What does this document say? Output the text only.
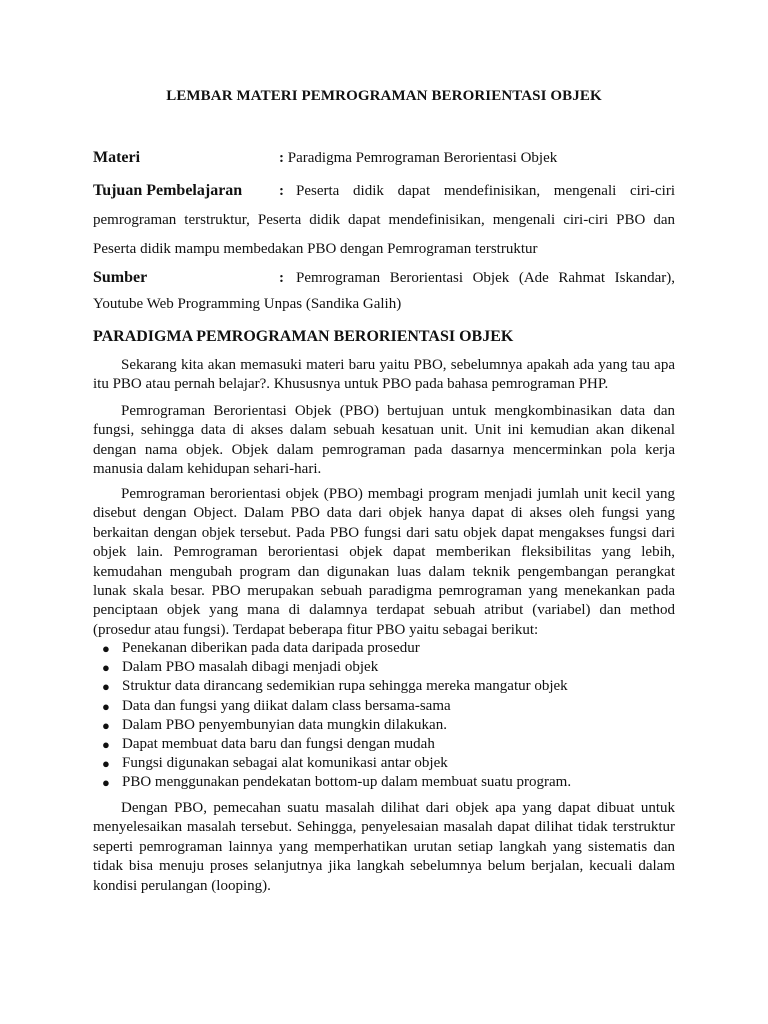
LEMBAR MATERI PEMROGRAMAN BERORIENTASI OBJEK
Materi	: Paradigma Pemrograman Berorientasi Objek
Tujuan Pembelajaran	: Peserta didik dapat mendefinisikan, mengenali ciri-ciri
pemrograman terstruktur, Peserta didik dapat mendefinisikan, mengenali ciri-ciri PBO dan
Peserta didik mampu membedakan PBO dengan Pemrograman terstruktur
Sumber	: Pemrograman Berorientasi Objek (Ade Rahmat Iskandar),
Youtube Web Programming Unpas (Sandika Galih)
PARADIGMA PEMROGRAMAN BERORIENTASI OBJEK

Sekarang kita akan memasuki materi baru yaitu PBO, sebelumnya apakah ada yang tau apa itu PBO atau pernah belajar?. Khususnya untuk PBO pada bahasa pemrograman PHP.

Pemrograman Berorientasi Objek (PBO) bertujuan untuk mengkombinasikan data dan fungsi, sehingga data di akses dalam sebuah kesatuan unit. Unit ini kemudian akan dikenal dengan nama objek. Objek dalam pemrograman pada dasarnya mencerminkan pola kerja manusia dalam kehidupan sehari-hari.

Pemrograman berorientasi objek (PBO) membagi program menjadi jumlah unit kecil yang disebut dengan Object. Dalam PBO data dari objek hanya dapat di akses oleh fungsi yang berkaitan dengan objek tersebut. Pada PBO fungsi dari satu objek dapat mengakses fungsi dari objek lain. Pemrograman berorientasi objek dapat memberikan fleksibilitas yang lebih, kemudahan mengubah program dan digunakan luas dalam teknik pengembangan perangkat lunak skala besar. PBO merupakan sebuah paradigma pemrograman yang menekankan pada penciptaan objek yang mana di dalamnya terdapat sebuah atribut (variabel) dan method (prosedur atau fungsi). Terdapat beberapa fitur PBO yaitu sebagai berikut:

● Penekanan diberikan pada data daripada prosedur
● Dalam PBO masalah dibagi menjadi objek
● Struktur data dirancang sedemikian rupa sehingga mereka mangatur objek
● Data dan fungsi yang diikat dalam class bersama-sama
● Dalam PBO penyembunyian data mungkin dilakukan.
● Dapat membuat data baru dan fungsi dengan mudah
● Fungsi digunakan sebagai alat komunikasi antar objek
● PBO menggunakan pendekatan bottom-up dalam membuat suatu program.

Dengan PBO, pemecahan suatu masalah dilihat dari objek apa yang dapat dibuat untuk menyelesaikan masalah tersebut. Sehingga, penyelesaian masalah dapat dilihat tidak terstruktur seperti pemrograman lainnya yang memperhatikan urutan setiap langkah yang sistematis dan tidak bisa menuju proses selanjutnya jika langkah sebelumnya belum berjalan, kecuali dalam kondisi perulangan (looping).
